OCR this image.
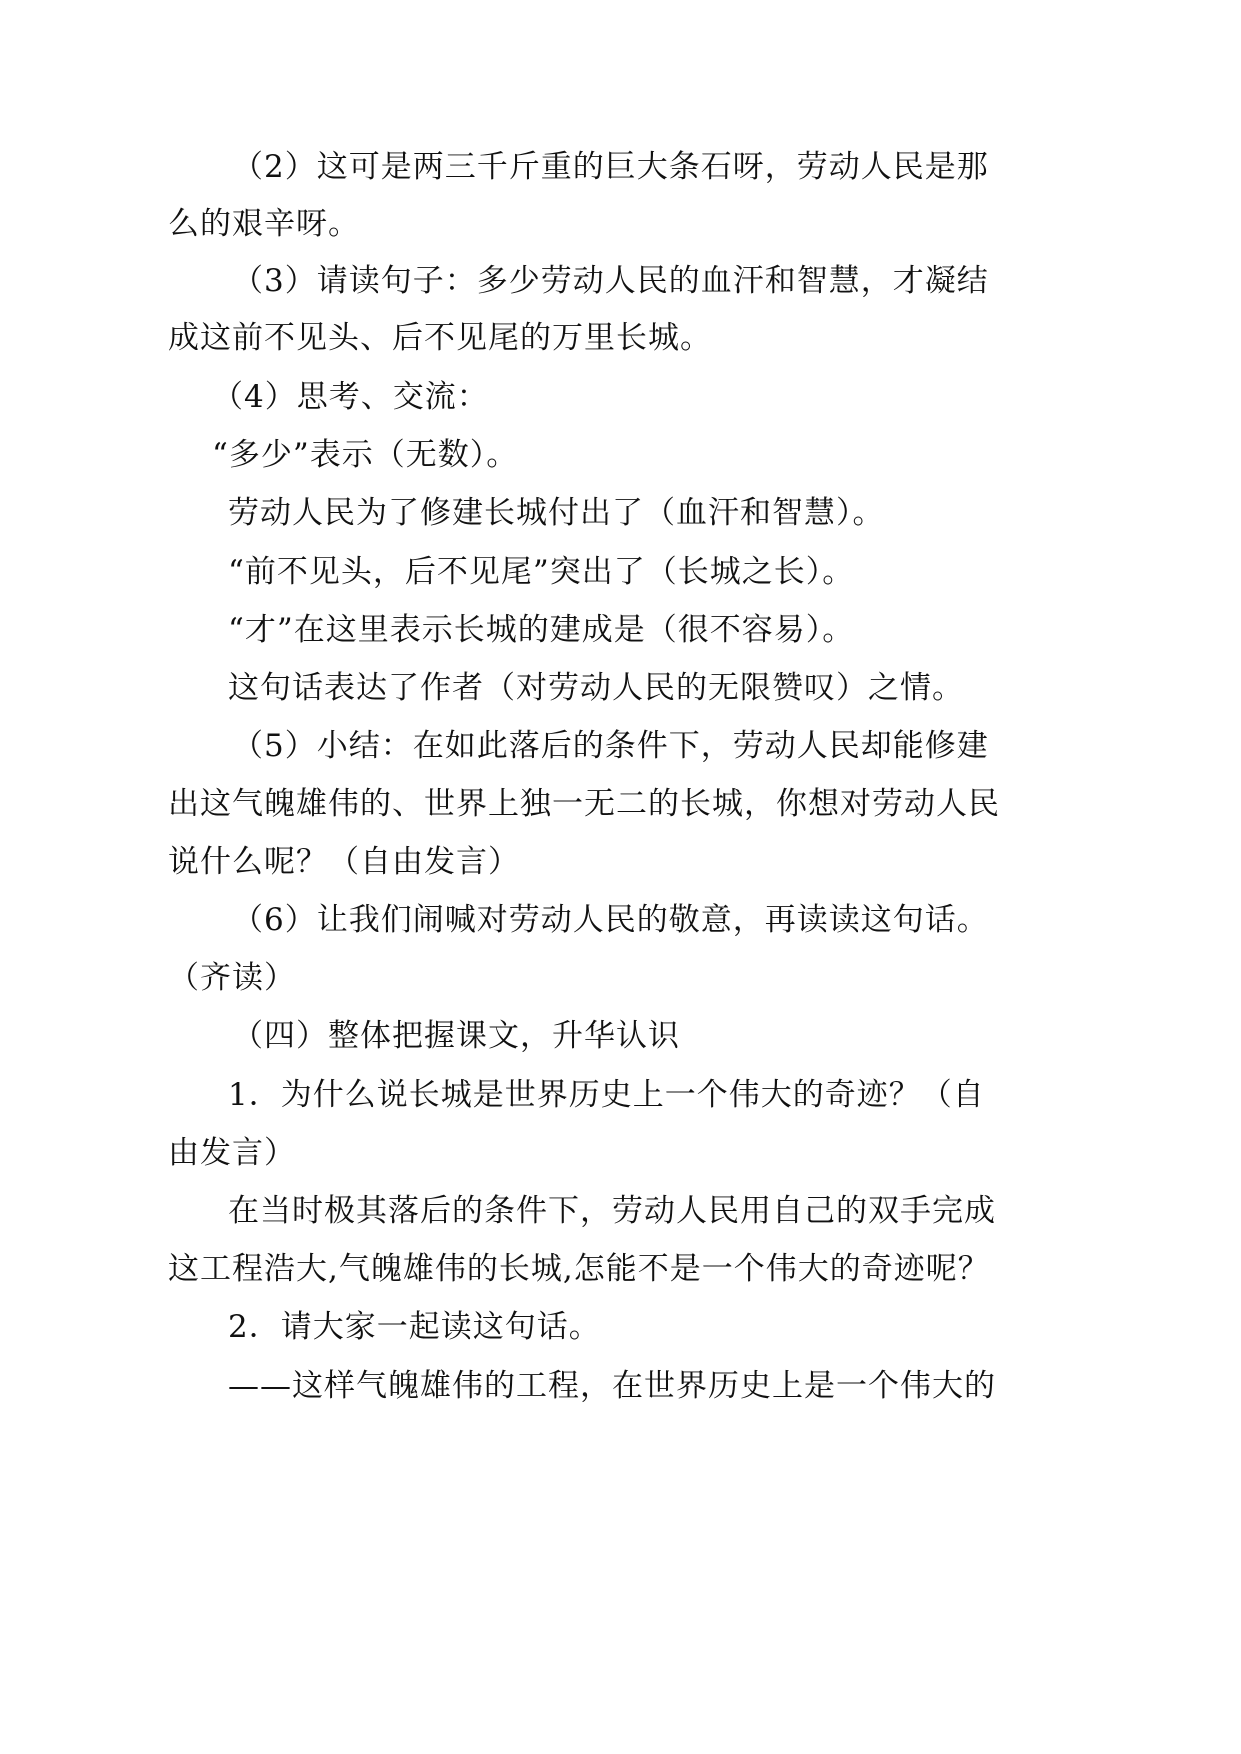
（2）这可是两三千斤重的巨大条石呀，劳动人民是那
么的艰辛呀。
（3）请读句子：多少劳动人民的血汗和智慧，才凝结
成这前不见头、后不见尾的万里长城。
（4）思考、交流：
“多少”表示（无数）。
劳动人民为了修建长城付出了（血汗和智慧）。
“前不见头，后不见尾”突出了（长城之长）。
“才”在这里表示长城的建成是（很不容易）。
这句话表达了作者（对劳动人民的无限赞叹）之情。
（5）小结：在如此落后的条件下，劳动人民却能修建
出这气魄雄伟的、世界上独一无二的长城，你想对劳动人民
说什么呢？（自由发言）
（6）让我们闹喊对劳动人民的敬意，再读读这句话。
（齐读）
（四）整体把握课文，升华认识
1．为什么说长城是世界历史上一个伟大的奇迹？（自
由发言）
在当时极其落后的条件下，劳动人民用自己的双手完成
这工程浩大,气魄雄伟的长城,怎能不是一个伟大的奇迹呢？
2．请大家一起读这句话。
——这样气魄雄伟的工程，在世界历史上是一个伟大的
